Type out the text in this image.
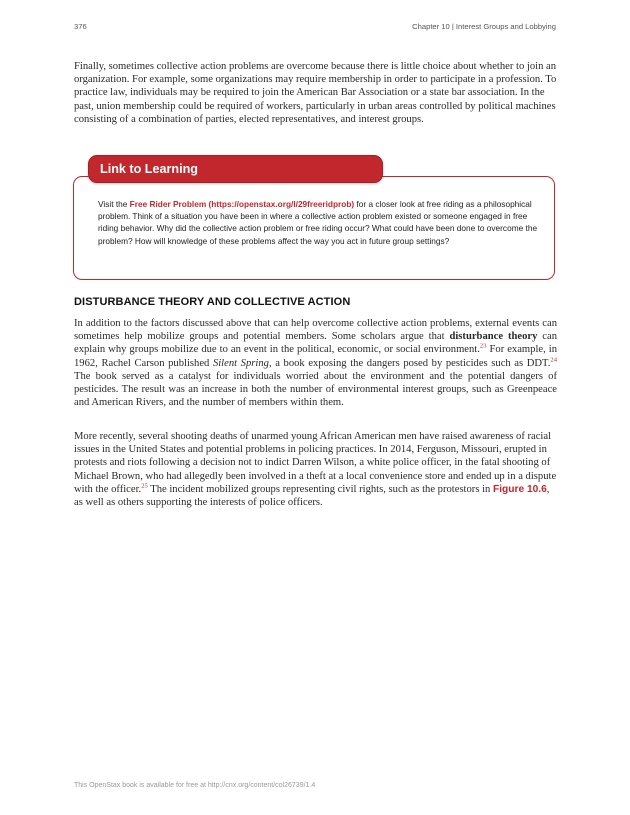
376	Chapter 10 | Interest Groups and Lobbying

Finally, sometimes collective action problems are overcome because there is little choice about whether to join an organization. For example, some organizations may require membership in order to participate in a profession. To practice law, individuals may be required to join the American Bar Association or a state bar association. In the past, union membership could be required of workers, particularly in urban areas controlled by political machines consisting of a combination of parties, elected representatives, and interest groups.

Link to Learning

Visit the Free Rider Problem (https://openstax.org/l/29freeridprob) for a closer look at free riding as a philosophical problem. Think of a situation you have been in where a collective action problem existed or someone engaged in free riding behavior. Why did the collective action problem or free riding occur? What could have been done to overcome the problem? How will knowledge of these problems affect the way you act in future group settings?

DISTURBANCE THEORY AND COLLECTIVE ACTION

In addition to the factors discussed above that can help overcome collective action problems, external events can sometimes help mobilize groups and potential members. Some scholars argue that disturbance theory can explain why groups mobilize due to an event in the political, economic, or social environment.$^{23}$ For example, in 1962, Rachel Carson published Silent Spring, a book exposing the dangers posed by pesticides such as DDT.$^{24}$ The book served as a catalyst for individuals worried about the environment and the potential dangers of pesticides. The result was an increase in both the number of environmental interest groups, such as Greenpeace and American Rivers, and the number of members within them.

More recently, several shooting deaths of unarmed young African American men have raised awareness of racial issues in the United States and potential problems in policing practices. In 2014, Ferguson, Missouri, erupted in protests and riots following a decision not to indict Darren Wilson, a white police officer, in the fatal shooting of Michael Brown, who had allegedly been involved in a theft at a local convenience store and ended up in a dispute with the officer.$^{25}$ The incident mobilized groups representing civil rights, such as the protestors in Figure 10.6, as well as others supporting the interests of police officers.

This OpenStax book is available for free at http://cnx.org/content/col26739/1.4
